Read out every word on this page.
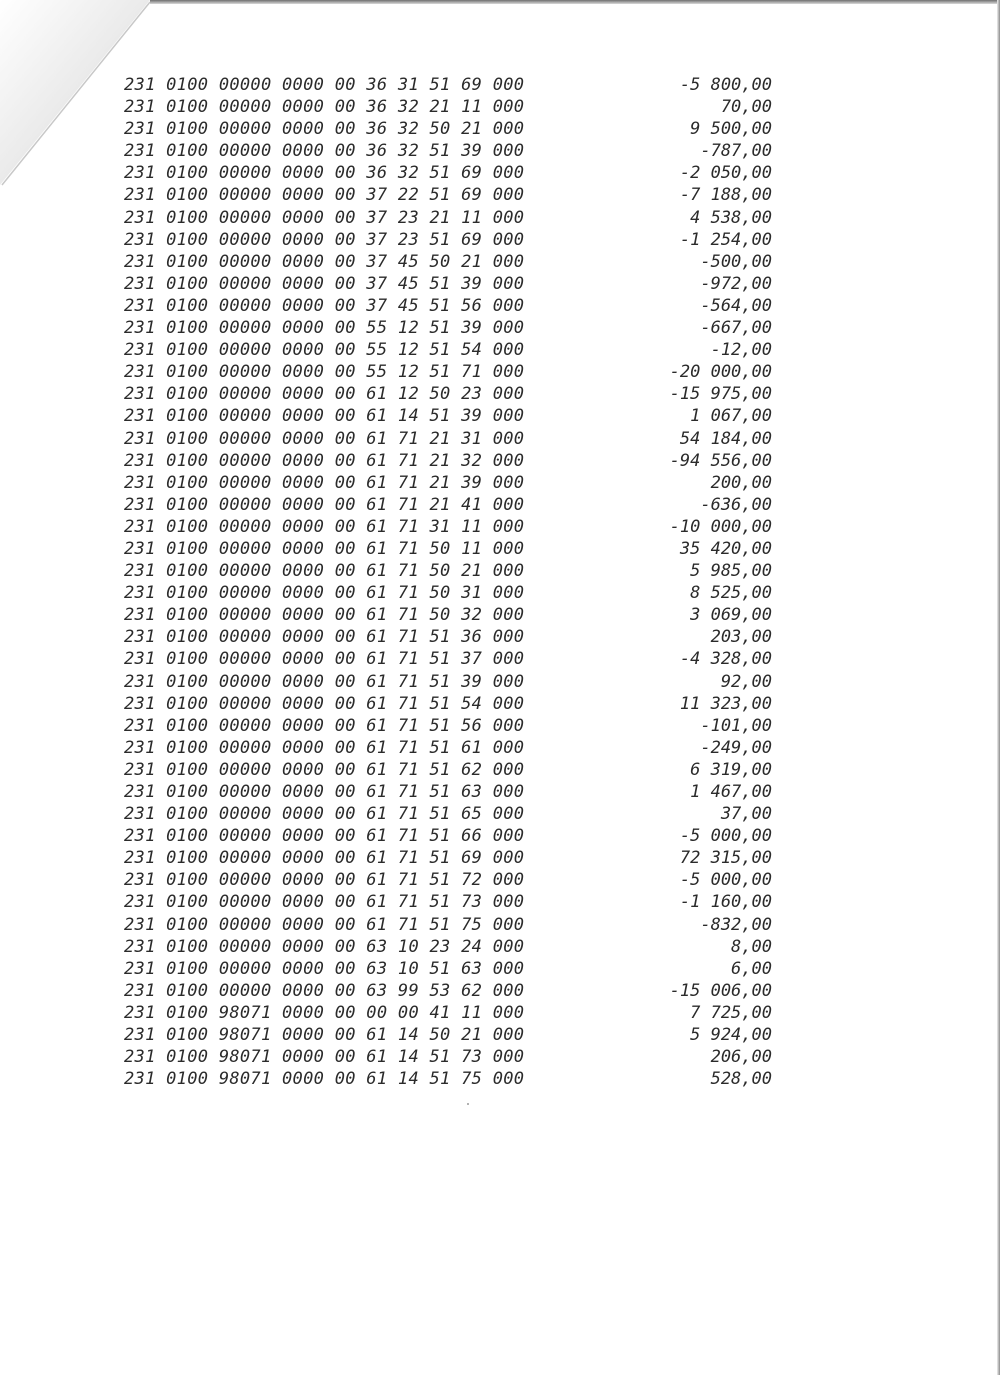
231 0100 00000 0000 00 36 31 51 69 000	-5 800,00
231 0100 00000 0000 00 36 32 21 11 000	70,00
231 0100 00000 0000 00 36 32 50 21 000	9 500,00
231 0100 00000 0000 00 36 32 51 39 000	-787,00
231 0100 00000 0000 00 36 32 51 69 000	-2 050,00
231 0100 00000 0000 00 37 22 51 69 000	-7 188,00
231 0100 00000 0000 00 37 23 21 11 000	4 538,00
231 0100 00000 0000 00 37 23 51 69 000	-1 254,00
231 0100 00000 0000 00 37 45 50 21 000	-500,00
231 0100 00000 0000 00 37 45 51 39 000	-972,00
231 0100 00000 0000 00 37 45 51 56 000	-564,00
231 0100 00000 0000 00 55 12 51 39 000	-667,00
231 0100 00000 0000 00 55 12 51 54 000	-12,00
231 0100 00000 0000 00 55 12 51 71 000	-20 000,00
231 0100 00000 0000 00 61 12 50 23 000	-15 975,00
231 0100 00000 0000 00 61 14 51 39 000	1 067,00
231 0100 00000 0000 00 61 71 21 31 000	54 184,00
231 0100 00000 0000 00 61 71 21 32 000	-94 556,00
231 0100 00000 0000 00 61 71 21 39 000	200,00
231 0100 00000 0000 00 61 71 21 41 000	-636,00
231 0100 00000 0000 00 61 71 31 11 000	-10 000,00
231 0100 00000 0000 00 61 71 50 11 000	35 420,00
231 0100 00000 0000 00 61 71 50 21 000	5 985,00
231 0100 00000 0000 00 61 71 50 31 000	8 525,00
231 0100 00000 0000 00 61 71 50 32 000	3 069,00
231 0100 00000 0000 00 61 71 51 36 000	203,00
231 0100 00000 0000 00 61 71 51 37 000	-4 328,00
231 0100 00000 0000 00 61 71 51 39 000	92,00
231 0100 00000 0000 00 61 71 51 54 000	11 323,00
231 0100 00000 0000 00 61 71 51 56 000	-101,00
231 0100 00000 0000 00 61 71 51 61 000	-249,00
231 0100 00000 0000 00 61 71 51 62 000	6 319,00
231 0100 00000 0000 00 61 71 51 63 000	1 467,00
231 0100 00000 0000 00 61 71 51 65 000	37,00
231 0100 00000 0000 00 61 71 51 66 000	-5 000,00
231 0100 00000 0000 00 61 71 51 69 000	72 315,00
231 0100 00000 0000 00 61 71 51 72 000	-5 000,00
231 0100 00000 0000 00 61 71 51 73 000	-1 160,00
231 0100 00000 0000 00 61 71 51 75 000	-832,00
231 0100 00000 0000 00 63 10 23 24 000	8,00
231 0100 00000 0000 00 63 10 51 63 000	6,00
231 0100 00000 0000 00 63 99 53 62 000	-15 006,00
231 0100 98071 0000 00 00 00 41 11 000	7 725,00
231 0100 98071 0000 00 61 14 50 21 000	5 924,00
231 0100 98071 0000 00 61 14 51 73 000	206,00
231 0100 98071 0000 00 61 14 51 75 000	528,00
